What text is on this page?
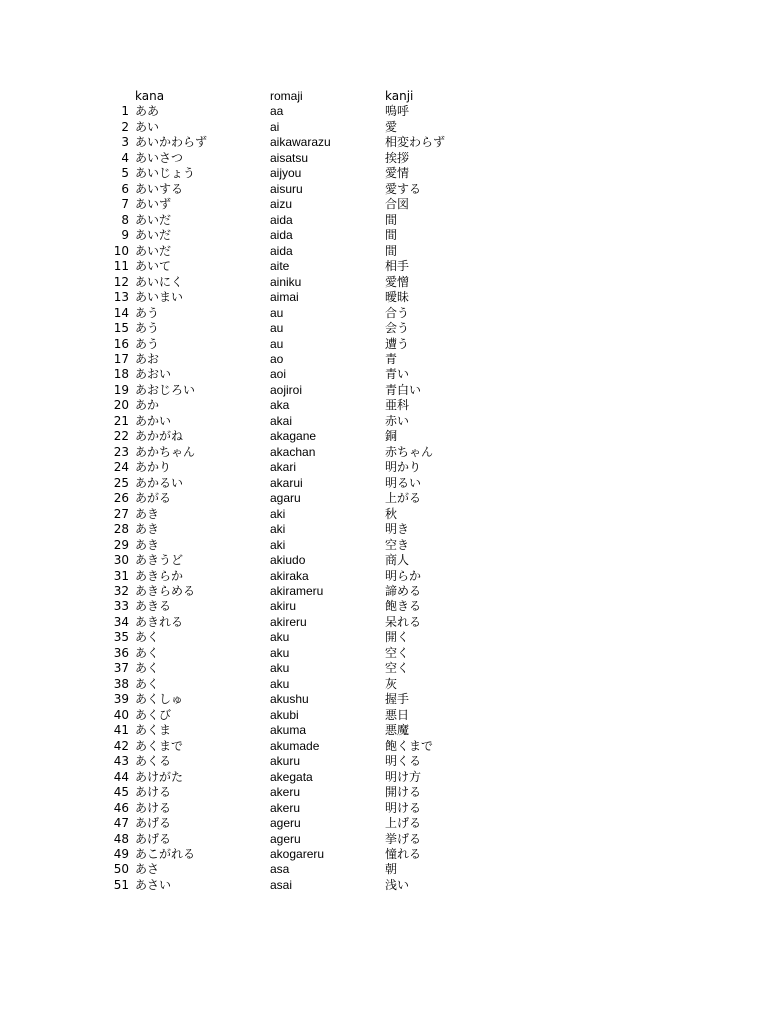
kana	romaji	kanji
1 ああ	aa	嗚呼
2 あい	ai	愛
3 あいかわらず	aikawarazu	相変わらず
4 あいさつ	aisatsu	挨拶
5 あいじょう	aijyou	愛情
6 あいする	aisuru	愛する
7 あいず	aizu	合図
8 あいだ	aida	間
9 あいだ	aida	間
10 あいだ	aida	間
11 あいて	aite	相手
12 あいにく	ainiku	愛憎
13 あいまい	aimai	曖昧
14 あう	au	合う
15 あう	au	会う
16 あう	au	遭う
17 あお	ao	青
18 あおい	aoi	青い
19 あおじろい	aojiroi	青白い
20 あか	aka	亜科
21 あかい	akai	赤い
22 あかがね	akagane	銅
23 あかちゃん	akachan	赤ちゃん
24 あかり	akari	明かり
25 あかるい	akarui	明るい
26 あがる	agaru	上がる
27 あき	aki	秋
28 あき	aki	明き
29 あき	aki	空き
30 あきうど	akiudo	商人
31 あきらか	akiraka	明らか
32 あきらめる	akirameru	諦める
33 あきる	akiru	飽きる
34 あきれる	akireru	呆れる
35 あく	aku	開く
36 あく	aku	空く
37 あく	aku	空く
38 あく	aku	灰
39 あくしゅ	akushu	握手
40 あくび	akubi	悪日
41 あくま	akuma	悪魔
42 あくまで	akumade	飽くまで
43 あくる	akuru	明くる
44 あけがた	akegata	明け方
45 あける	akeru	開ける
46 あける	akeru	明ける
47 あげる	ageru	上げる
48 あげる	ageru	挙げる
49 あこがれる	akogareru	憧れる
50 あさ	asa	朝
51 あさい	asai	浅い
